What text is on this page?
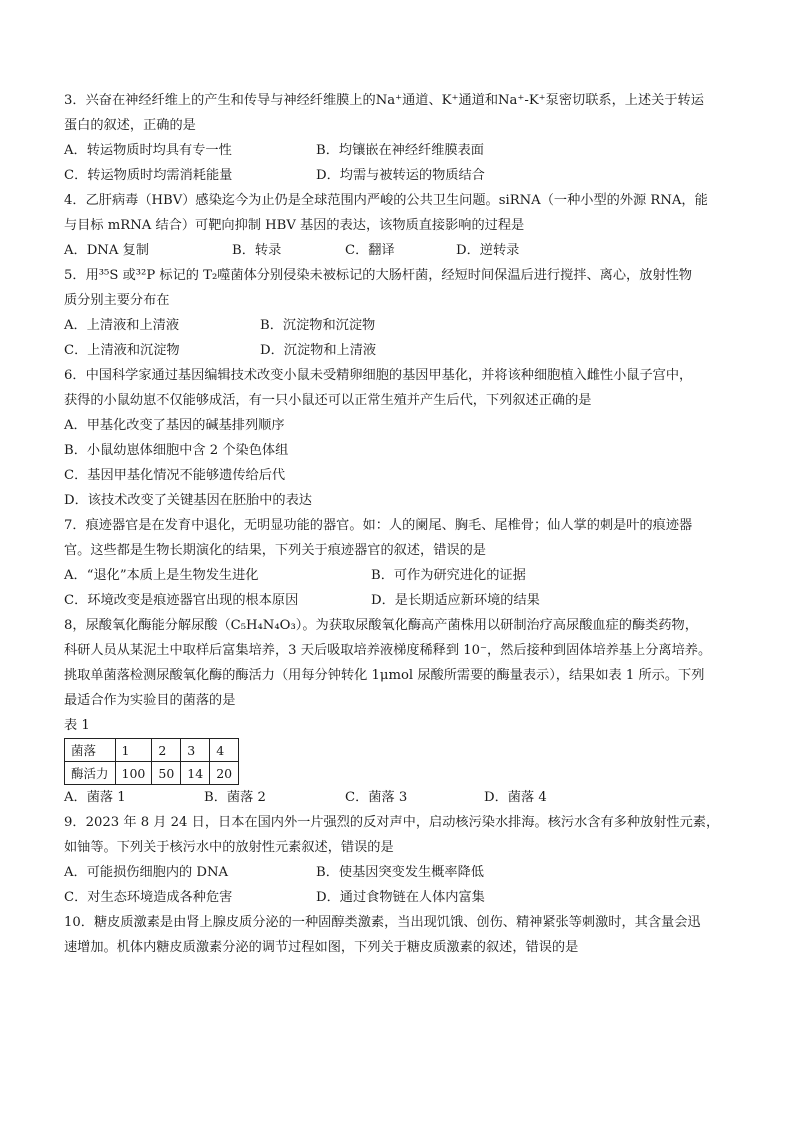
3．兴奋在神经纤维上的产生和传导与神经纤维膜上的Na⁺通道、K⁺通道和Na⁺-K⁺泵密切联系，上述关于转运
蛋白的叙述，正确的是
A．转运物质时均具有专一性	B．均镶嵌在神经纤维膜表面
C．转运物质时均需消耗能量	D．均需与被转运的物质结合
4．乙肝病毒（HBV）感染迄今为止仍是全球范围内严峻的公共卫生问题。siRNA（一种小型的外源 RNA，能
与目标 mRNA 结合）可靶向抑制 HBV 基因的表达，该物质直接影响的过程是
A．DNA 复制	B．转录	C．翻译	D．逆转录
5．用³⁵S 或³²P 标记的 T₂噬菌体分别侵染未被标记的大肠杆菌，经短时间保温后进行搅拌、离心，放射性物
质分别主要分布在
A．上清液和上清液	B．沉淀物和沉淀物
C．上清液和沉淀物	D．沉淀物和上清液
6．中国科学家通过基因编辑技术改变小鼠未受精卵细胞的基因甲基化，并将该种细胞植入雌性小鼠子宫中，
获得的小鼠幼崽不仅能够成活，有一只小鼠还可以正常生殖并产生后代，下列叙述正确的是
A．甲基化改变了基因的碱基排列顺序
B．小鼠幼崽体细胞中含 2 个染色体组
C．基因甲基化情况不能够遗传给后代
D．该技术改变了关键基因在胚胎中的表达
7．痕迹器官是在发育中退化，无明显功能的器官。如：人的阑尾、胸毛、尾椎骨；仙人掌的刺是叶的痕迹器
官。这些都是生物长期演化的结果，下列关于痕迹器官的叙述，错误的是
A．“退化”本质上是生物发生进化	B．可作为研究进化的证据
C．环境改变是痕迹器官出现的根本原因	D．是长期适应新环境的结果
8，尿酸氧化酶能分解尿酸（C₅H₄N₄O₃）。为获取尿酸氧化酶高产菌株用以研制治疗高尿酸血症的酶类药物，
科研人员从某泥土中取样后富集培养，3 天后吸取培养液梯度稀释到 10⁻，然后接种到固体培养基上分离培养。
挑取单菌落检测尿酸氧化酶的酶活力（用每分钟转化 1μmol 尿酸所需要的酶量表示），结果如表 1 所示。下列
最适合作为实验目的菌落的是
表 1
菌落	1	2	3	4
酶活力	100	50	14	20
A．菌落 1	B．菌落 2	C．菌落 3	D．菌落 4
9．2023 年 8 月 24 日，日本在国内外一片强烈的反对声中，启动核污染水排海。核污水含有多种放射性元素，
如铀等。下列关于核污水中的放射性元素叙述，错误的是
A．可能损伤细胞内的 DNA	B．使基因突变发生概率降低
C．对生态环境造成各种危害	D．通过食物链在人体内富集
10．糖皮质激素是由肾上腺皮质分泌的一种固醇类激素，当出现饥饿、创伤、精神紧张等刺激时，其含量会迅
速增加。机体内糖皮质激素分泌的调节过程如图，下列关于糖皮质激素的叙述，错误的是
